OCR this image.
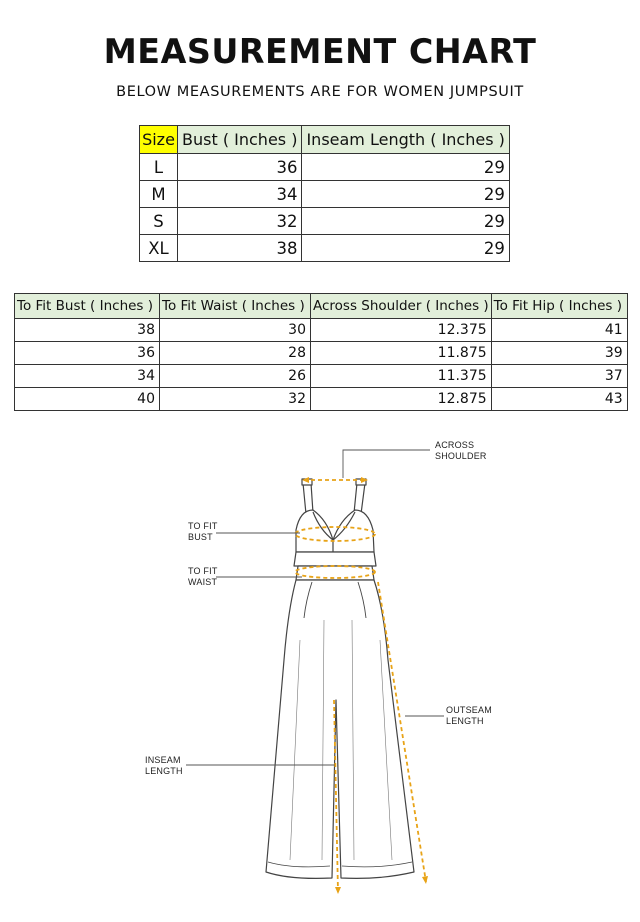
MEASUREMENT CHART
BELOW MEASUREMENTS ARE FOR WOMEN JUMPSUIT
Size	Bust ( Inches )	Inseam Length ( Inches )
L	36	29
M	34	29
S	32	29
XL	38	29
To Fit Bust ( Inches )	To Fit Waist ( Inches )	Across Shoulder ( Inches )	To Fit Hip ( Inches )
38	30	12.375	41
36	28	11.875	39
34	26	11.375	37
40	32	12.875	43
ACROSS
SHOULDER
TO FIT
BUST
TO FIT
WAIST
OUTSEAM
LENGTH
INSEAM
LENGTH
